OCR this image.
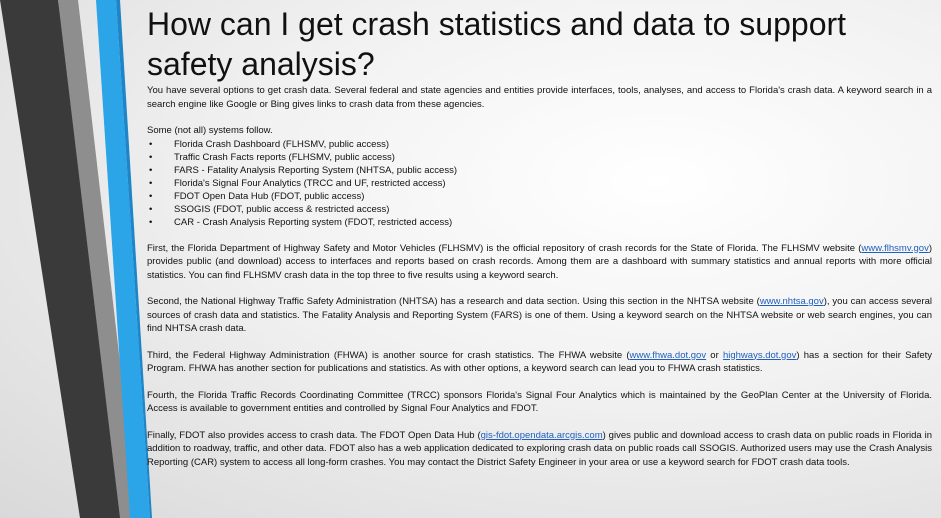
How can I get crash statistics and data to support safety analysis?

You have several options to get crash data. Several federal and state agencies and entities provide interfaces, tools, analyses, and access to Florida's crash data. A keyword search in a search engine like Google or Bing gives links to crash data from these agencies.

Some (not all) systems follow.

• Florida Crash Dashboard (FLHSMV, public access)
• Traffic Crash Facts reports (FLHSMV, public access)
• FARS - Fatality Analysis Reporting System (NHTSA, public access)
• Florida's Signal Four Analytics (TRCC and UF, restricted access)
• FDOT Open Data Hub (FDOT, public access)
• SSOGIS (FDOT, public access & restricted access)
• CAR - Crash Analysis Reporting system (FDOT, restricted access)

First, the Florida Department of Highway Safety and Motor Vehicles (FLHSMV) is the official repository of crash records for the State of Florida. The FLHSMV website (www.flhsmv.gov) provides public (and download) access to interfaces and reports based on crash records. Among them are a dashboard with summary statistics and annual reports with more official statistics. You can find FLHSMV crash data in the top three to five results using a keyword search.

Second, the National Highway Traffic Safety Administration (NHTSA) has a research and data section. Using this section in the NHTSA website (www.nhtsa.gov), you can access several sources of crash data and statistics. The Fatality Analysis and Reporting System (FARS) is one of them. Using a keyword search on the NHTSA website or web search engines, you can find NHTSA crash data.

Third, the Federal Highway Administration (FHWA) is another source for crash statistics. The FHWA website (www.fhwa.dot.gov or highways.dot.gov) has a section for their Safety Program. FHWA has another section for publications and statistics. As with other options, a keyword search can lead you to FHWA crash statistics.

Fourth, the Florida Traffic Records Coordinating Committee (TRCC) sponsors Florida's Signal Four Analytics which is maintained by the GeoPlan Center at the University of Florida. Access is available to government entities and controlled by Signal Four Analytics and FDOT.

Finally, FDOT also provides access to crash data. The FDOT Open Data Hub (gis-fdot.opendata.arcgis.com) gives public and download access to crash data on public roads in Florida in addition to roadway, traffic, and other data. FDOT also has a web application dedicated to exploring crash data on public roads call SSOGIS. Authorized users may use the Crash Analysis Reporting (CAR) system to access all long-form crashes. You may contact the District Safety Engineer in your area or use a keyword search for FDOT crash data tools.
